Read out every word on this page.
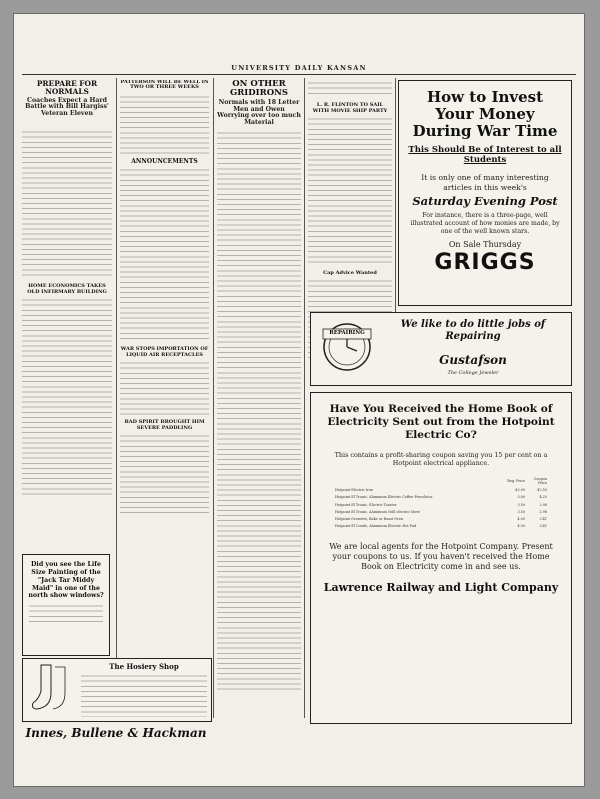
UNIVERSITY DAILY KANSAN
PREPARE FOR NORMALS
Coaches Expect a Hard Battle with Bill Hargiss' Veteran Eleven
⠀
HOME ECONOMICS TAKES OLD INFIRMARY BUILDING
PATTERSON WILL BE WELL IN TWO OR THREE WEEKS
ANNOUNCEMENTS
WAR STOPS IMPORTATION OF LIQUID AIR RECEPTACLES
BAD SPIRIT BROUGHT HIM SEVERE PADDLING
ON OTHER GRIDIRONS
Normals with 18 Letter Men and Owen Worrying over too much Material
L. R. FLINTON TO SAIL WITH MOVIE SHIP PARTY
Cap Advice Wanted
How to Invest Your Money During War Time
This Should Be of Interest to all Students
It is only one of many interesting articles in this week's
Saturday Evening Post
For instance, there is a three-page, well illustrated account of how monies are made, by one of the well known stars.
On Sale Thursday
GRIGGS
REPAIRING
We like to do little jobs of Repairing
Gustafson
The College Jeweler
Have You Received the Home Book of Electricity Sent out from the Hotpoint Electric Co?
This contains a profit-sharing coupon saving you 15 per cent on a Hotpoint electrical appliance.
	Reg. Price	Coupon Price
Hotpoint Electric Iron	$3.00	$2.55
Hotpoint El Tronic, Aluminum Electric Coffee Percolator	5.00	4.25
Hotpoint El Tronic, Electric Toaster	3.50	2.98
Hotpoint El Tronic, Aluminum Grill electric Stove	3.50	2.98
Hotpoint Ovenette, Bake or Roast Oven	4.00	3.41
Hotpoint El Comfo, Aluminum Electric Hot Pad	4.00	3.41
We are local agents for the Hotpoint Company. Present your coupons to us. If you haven't received the Home Book on Electricity come in and see us.
Lawrence Railway and Light Company
Did you see the Life Size Painting of the "Jack Tar Middy Maid" in one of the north show windows?
The Hosiery Shop
Innes, Bullene & Hackman
